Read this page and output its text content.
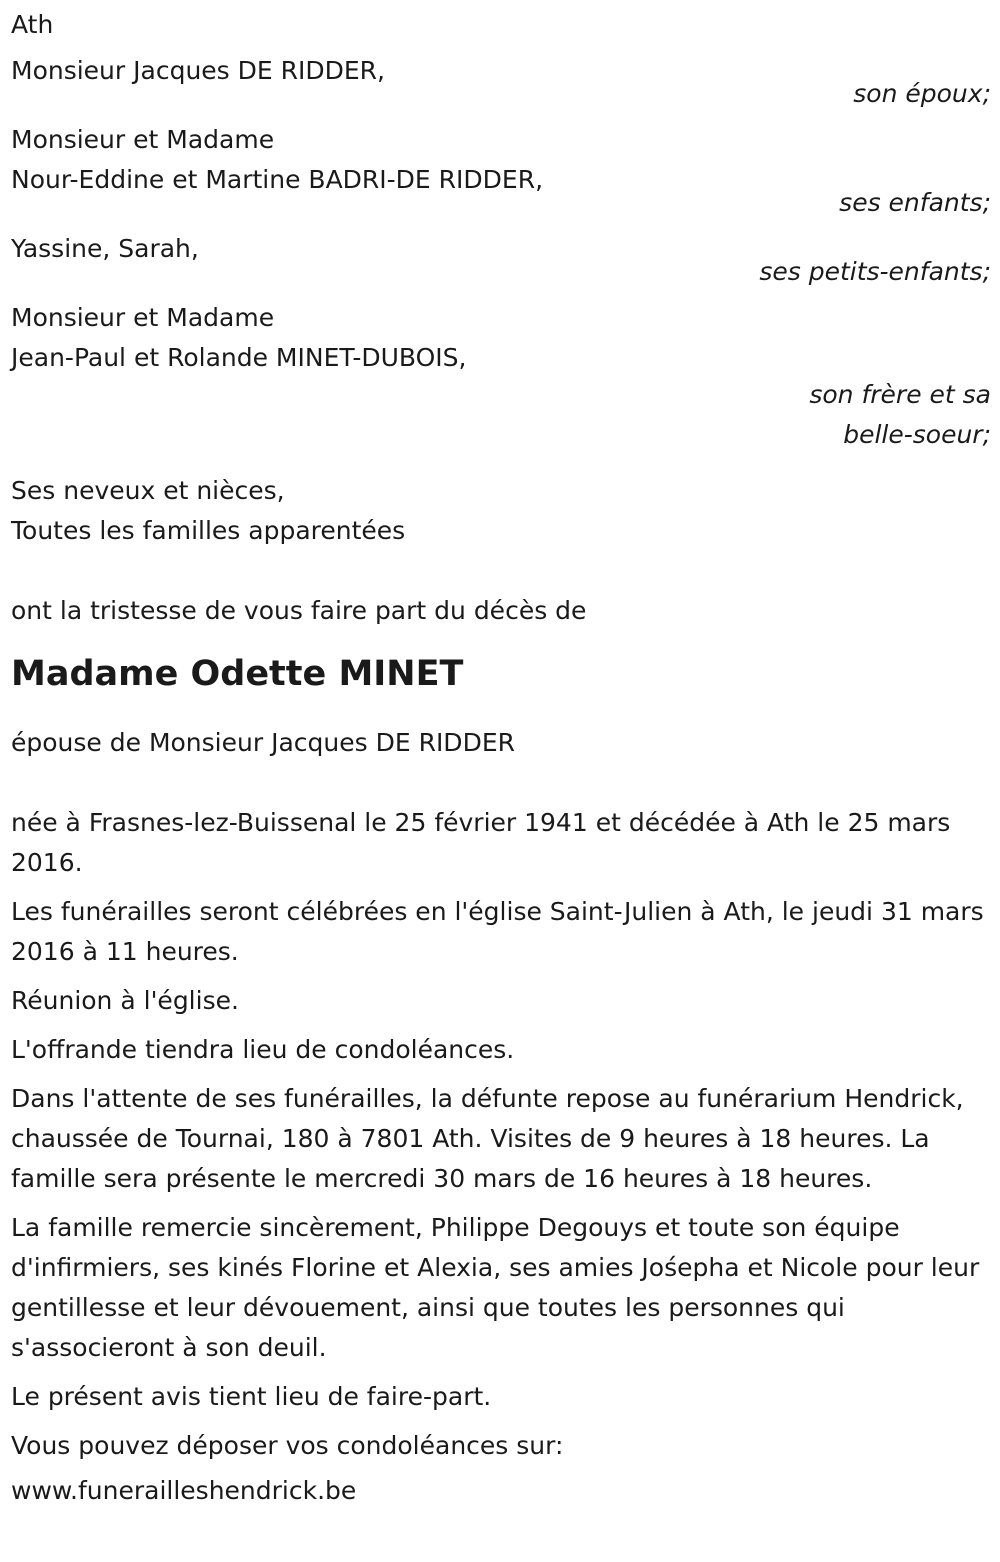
Ath
Monsieur Jacques DE RIDDER,
son époux;
Monsieur et Madame
Nour-Eddine et Martine BADRI-DE RIDDER,
ses enfants;
Yassine, Sarah,
ses petits-enfants;
Monsieur et Madame
Jean-Paul et Rolande MINET-DUBOIS,
son frère et sa
belle-soeur;
Ses neveux et nièces,
Toutes les familles apparentées
ont la tristesse de vous faire part du décès de
Madame Odette MINET
épouse de Monsieur Jacques DE RIDDER

née à Frasnes-lez-Buissenal le 25 février 1941 et décédée à Ath le 25 mars 2016.

Les funérailles seront célébrées en l'église Saint-Julien à Ath, le jeudi 31 mars 2016 à 11 heures.

Réunion à l'église.

L'offrande tiendra lieu de condoléances.

Dans l'attente de ses funérailles, la défunte repose au funérarium Hendrick, chaussée de Tournai, 180 à 7801 Ath. Visites de 9 heures à 18 heures. La famille sera présente le mercredi 30 mars de 16 heures à 18 heures.

La famille remercie sincèrement, Philippe Degouys et toute son équipe d'infirmiers, ses kinés Florine et Alexia, ses amies Jośepha et Nicole pour leur gentillesse et leur dévouement, ainsi que toutes les personnes qui s'associeront à son deuil.

Le présent avis tient lieu de faire-part.

Vous pouvez déposer vos condoléances sur:

www.funerailleshendrick.be
